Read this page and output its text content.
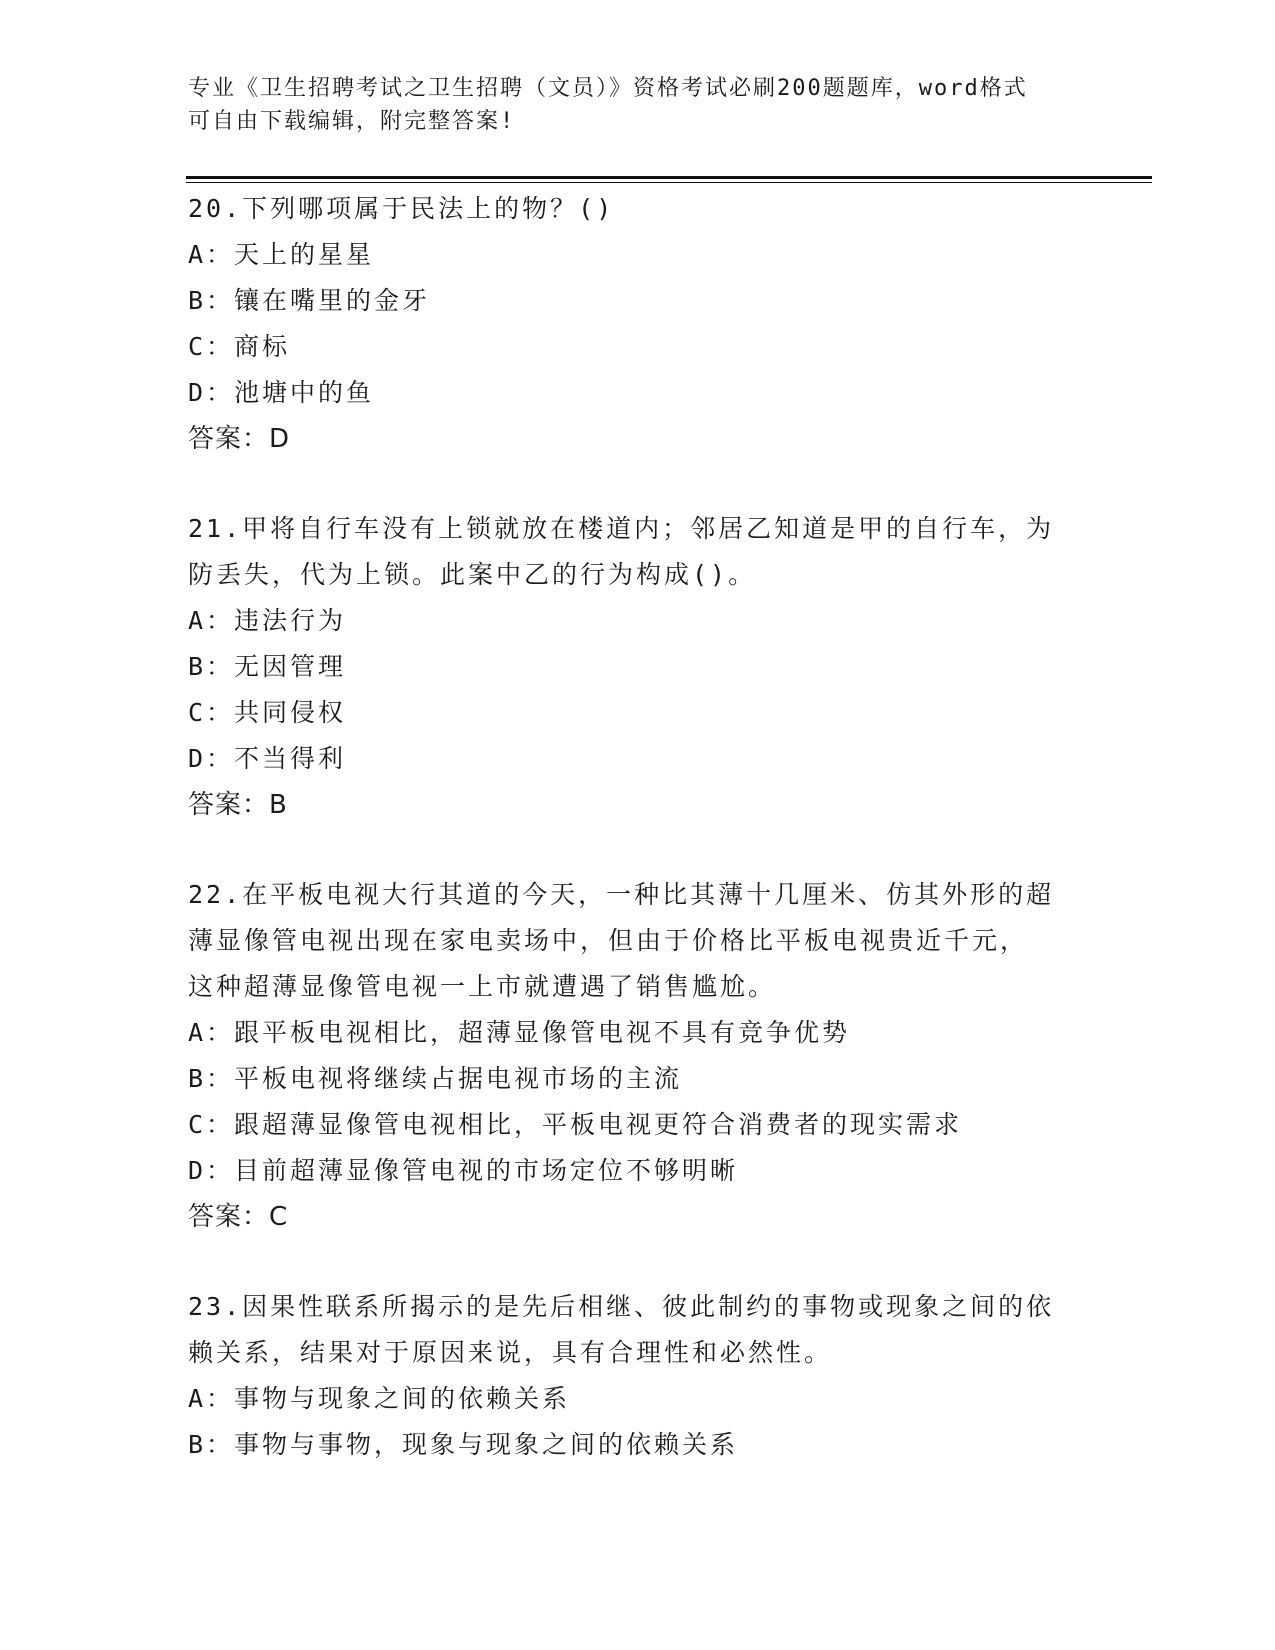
专业《卫生招聘考试之卫生招聘（文员）》资格考试必刷200题题库，word格式
可自由下载编辑，附完整答案!
20.下列哪项属于民法上的物？()
A：天上的星星
B：镶在嘴里的金牙
C：商标
D：池塘中的鱼
答案：D
21.甲将自行车没有上锁就放在楼道内；邻居乙知道是甲的自行车，为
防丢失，代为上锁。此案中乙的行为构成()。
A：违法行为
B：无因管理
C：共同侵权
D：不当得利
答案：B
22.在平板电视大行其道的今天，一种比其薄十几厘米、仿其外形的超
薄显像管电视出现在家电卖场中，但由于价格比平板电视贵近千元，
这种超薄显像管电视一上市就遭遇了销售尴尬。
A：跟平板电视相比，超薄显像管电视不具有竞争优势
B：平板电视将继续占据电视市场的主流
C：跟超薄显像管电视相比，平板电视更符合消费者的现实需求
D：目前超薄显像管电视的市场定位不够明晰
答案：C
23.因果性联系所揭示的是先后相继、彼此制约的事物或现象之间的依
赖关系，结果对于原因来说，具有合理性和必然性。
A：事物与现象之间的依赖关系
B：事物与事物，现象与现象之间的依赖关系
